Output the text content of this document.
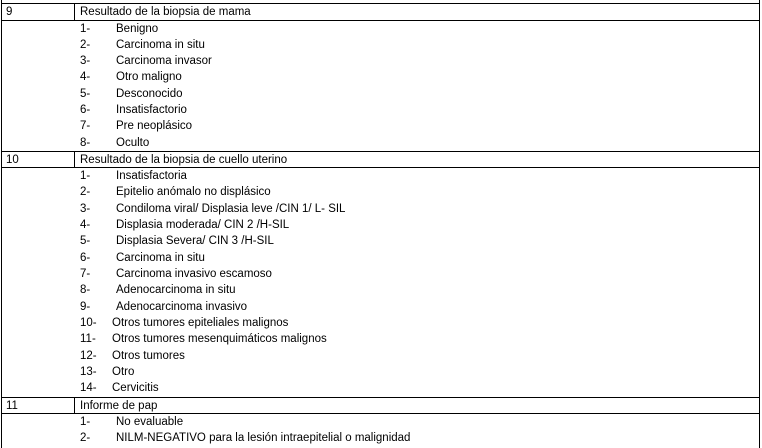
9	Resultado de la biopsia de mama
1- Benigno
2- Carcinoma in situ
3- Carcinoma invasor
4- Otro maligno
5- Desconocido
6- Insatisfactorio
7- Pre neoplásico
8- Oculto
10	Resultado de la biopsia de cuello uterino
1- Insatisfactoria
2- Epitelio anómalo no displásico
3- Condiloma viral/ Displasia leve /CIN 1/ L- SIL
4- Displasia moderada/ CIN 2 /H-SIL
5- Displasia Severa/ CIN 3 /H-SIL
6- Carcinoma in situ
7- Carcinoma invasivo escamoso
8- Adenocarcinoma in situ
9- Adenocarcinoma invasivo
10- Otros tumores epiteliales malignos
11- Otros tumores mesenquimáticos malignos
12- Otros tumores
13- Otro
14- Cervicitis
11	Informe de pap
1- No evaluable
2- NILM-NEGATIVO para la lesión intraepitelial o malignidad
